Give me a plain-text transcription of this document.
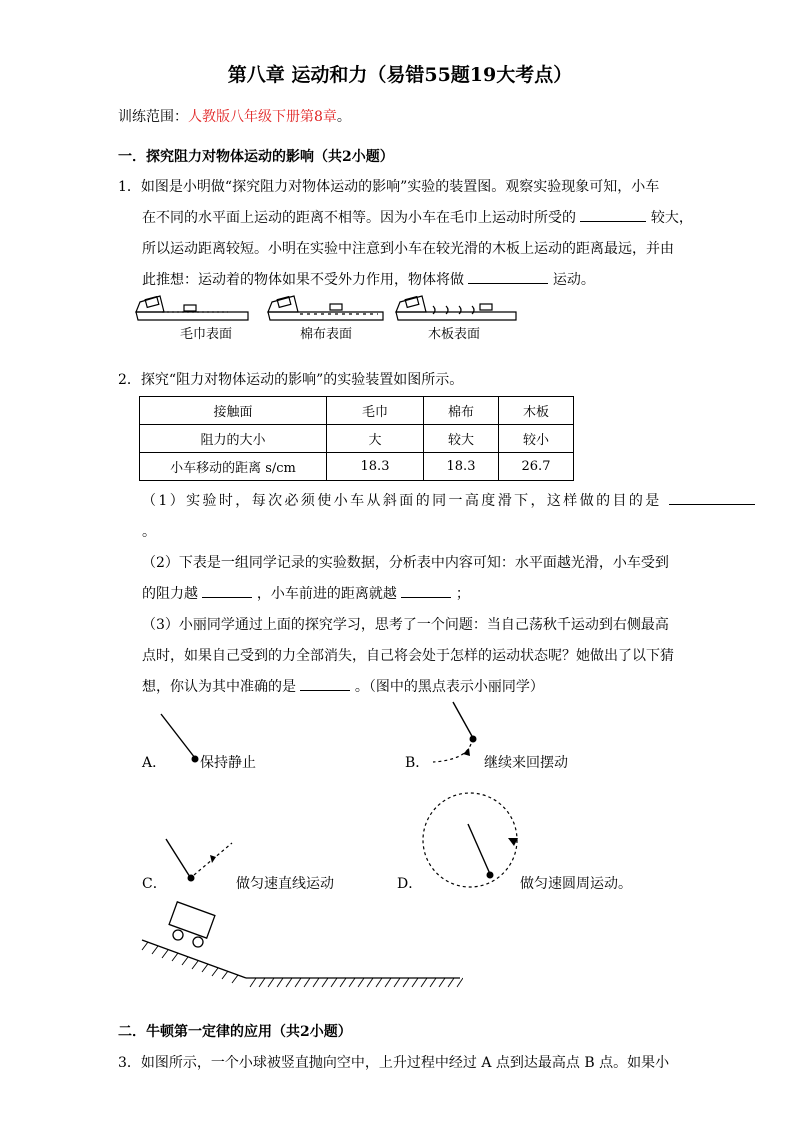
第八章 运动和力（易错55题19大考点）
训练范围：人教版八年级下册第8章。
一．探究阻力对物体运动的影响（共2小题）
1．如图是小明做“探究阻力对物体运动的影响”实验的装置图。观察实验现象可知，小车
在不同的水平面上运动的距离不相等。因为小车在毛巾上运动时所受的	较大，
所以运动距离较短。小明在实验中注意到小车在较光滑的木板上运动的距离最远，并由
此推想：运动着的物体如果不受外力作用，物体将做	运动。
毛巾表面	棉布表面	木板表面
2．探究“阻力对物体运动的影响”的实验装置如图所示。
接触面	毛巾	棉布	木板
阻力的大小	大	较大	较小
小车移动的距离 s/cm	18.3	18.3	26.7
（1）实验时，每次必须使小车从斜面的同一高度滑下，这样做的目的是
。
（2）下表是一组同学记录的实验数据，分析表中内容可知：水平面越光滑，小车受到
的阻力越	，小车前进的距离就越	；
（3）小丽同学通过上面的探究学习，思考了一个问题：当自己荡秋千运动到右侧最高
点时，如果自己受到的力全部消失，自己将会处于怎样的运动状态呢？她做出了以下猜
想，你认为其中准确的是	。（图中的黑点表示小丽同学）
A． 保持静止	B．	继续来回摆动
C．	做匀速直线运动	D．	做匀速圆周运动。
二．牛顿第一定律的应用（共2小题）
3．如图所示，一个小球被竖直抛向空中，上升过程中经过 A 点到达最高点 B 点。如果小
